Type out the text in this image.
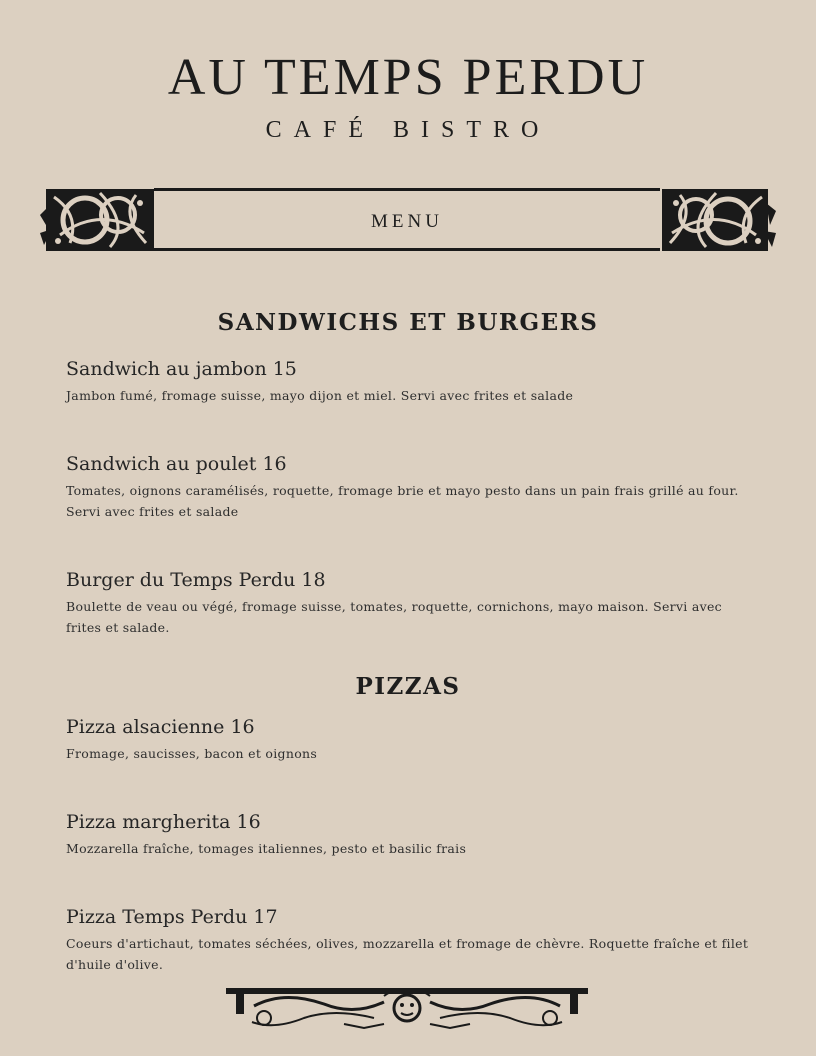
AU TEMPS PERDU
CAFÉ BISTRO
MENU
SANDWICHS ET BURGERS
Sandwich au jambon 15
Jambon fumé, fromage suisse, mayo dijon et miel. Servi avec frites et salade
Sandwich au poulet 16
Tomates, oignons caramélisés, roquette, fromage brie et mayo pesto dans un pain frais grillé au four. Servi avec frites et salade
Burger du Temps Perdu 18
Boulette de veau ou végé, fromage suisse, tomates, roquette, cornichons, mayo maison. Servi avec frites et salade.
PIZZAS
Pizza alsacienne 16
Fromage, saucisses, bacon et oignons
Pizza margherita 16
Mozzarella fraîche, tomages italiennes, pesto et basilic frais
Pizza Temps Perdu 17
Coeurs d'artichaut, tomates séchées, olives, mozzarella et fromage de chèvre. Roquette fraîche et filet d'huile d'olive.
